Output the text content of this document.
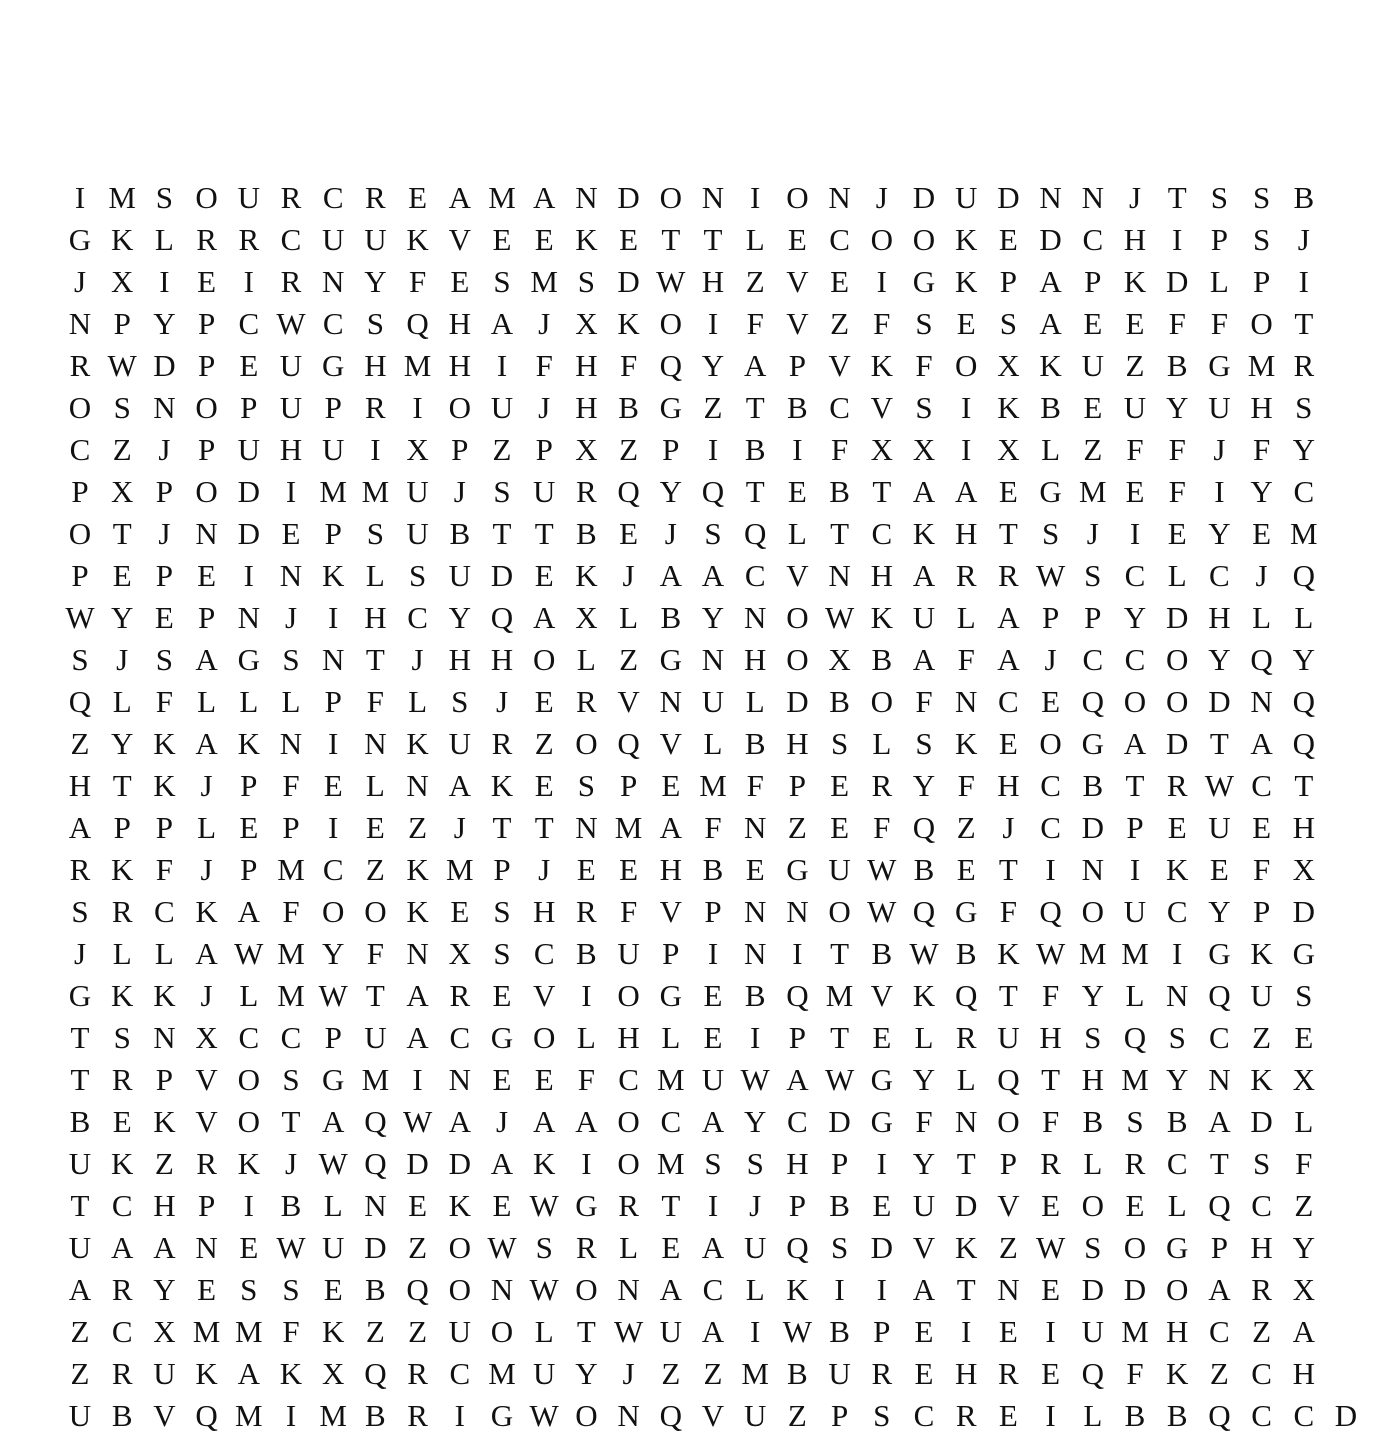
I M S O U R C R E A M A N D O N I O N J D U D N N J T S S B
G K L R R C U U K V E E K E T T L E C O O K E D C H I P S J
J X I E I R N Y F E S M S D W H Z V E I G K P A P K D L P I
N P Y P C W C S Q H A J X K O I F V Z F S E S A E E F F O T
R W D P E U G H M H I F H F Q Y A P V K F O X K U Z B G M R
O S N O P U P R I O U J H B G Z T B C V S I K B E U Y U H S
C Z J P U H U I X P Z P X Z P I B I F X X I X L Z F F J F Y
P X P O D I M M U J S U R Q Y Q T E B T A A E G M E F I Y C
O T J N D E P S U B T T B E J S Q L T C K H T S J	I E Y E M
P E P E I N K L S U D E K J A A C V N H A R R W S C L C J Q
W Y E P N J I H C Y Q A X L B Y N O W K U L A P P Y D H L L
S J S A G S N T J H H O L Z G N H O X B A F A J C C O Y Q Y
Q L F L L L P F L S J E R V N U L D B O F N C E Q O O D N Q
Z Y K A K N I N K U R Z O Q V L B H S L S K E O G A D T A Q
H T K J P F E L N A K E S P E M F P E R Y F H C B T R W C T
A P P L E P I E Z J T T N M A F N Z E F Q Z J C D P E U E H
R K F J P M C Z K M P J E E H B E G U W B E T I N I K E F X
S R C K A F O O K E S H R F V P N N O W Q G F Q O U C Y P D
J L L A W M Y F N X S C B U P I N I T B W B K W M M I G K G
G K K J L M W T A R E V I O G E B Q M V K Q T F Y L N Q U S
T S N X C C P U A C G O L H L E I P T E L R U H S Q S C Z E
T R P V O S G M I N E E F C M U W A W G Y L Q T H M Y N K X
B E K V O T A Q W A J A A O C A Y C D G F N O F B S B A D L
U K Z R K J W Q D D A K I O M S S H P I Y T P R L R C T S F
T C H P I B L N E K E W G R T I J P B E U D V E O E L Q C Z
U A A N E W U D Z O W S R L E A U Q S D V K Z W S O G P H Y
A R Y E S S E B Q O N W O N A C L K I	I A T N E D D O A R X
Z C X M M F K Z Z U O L T W U A I W B P E I E I U M H C Z A
Z R U K A K X Q R C M U Y J Z Z M B U R E H R E Q F K Z C H
U B V Q M I M B R I G W O N Q V U Z P S C R E I L B B Q C C D
